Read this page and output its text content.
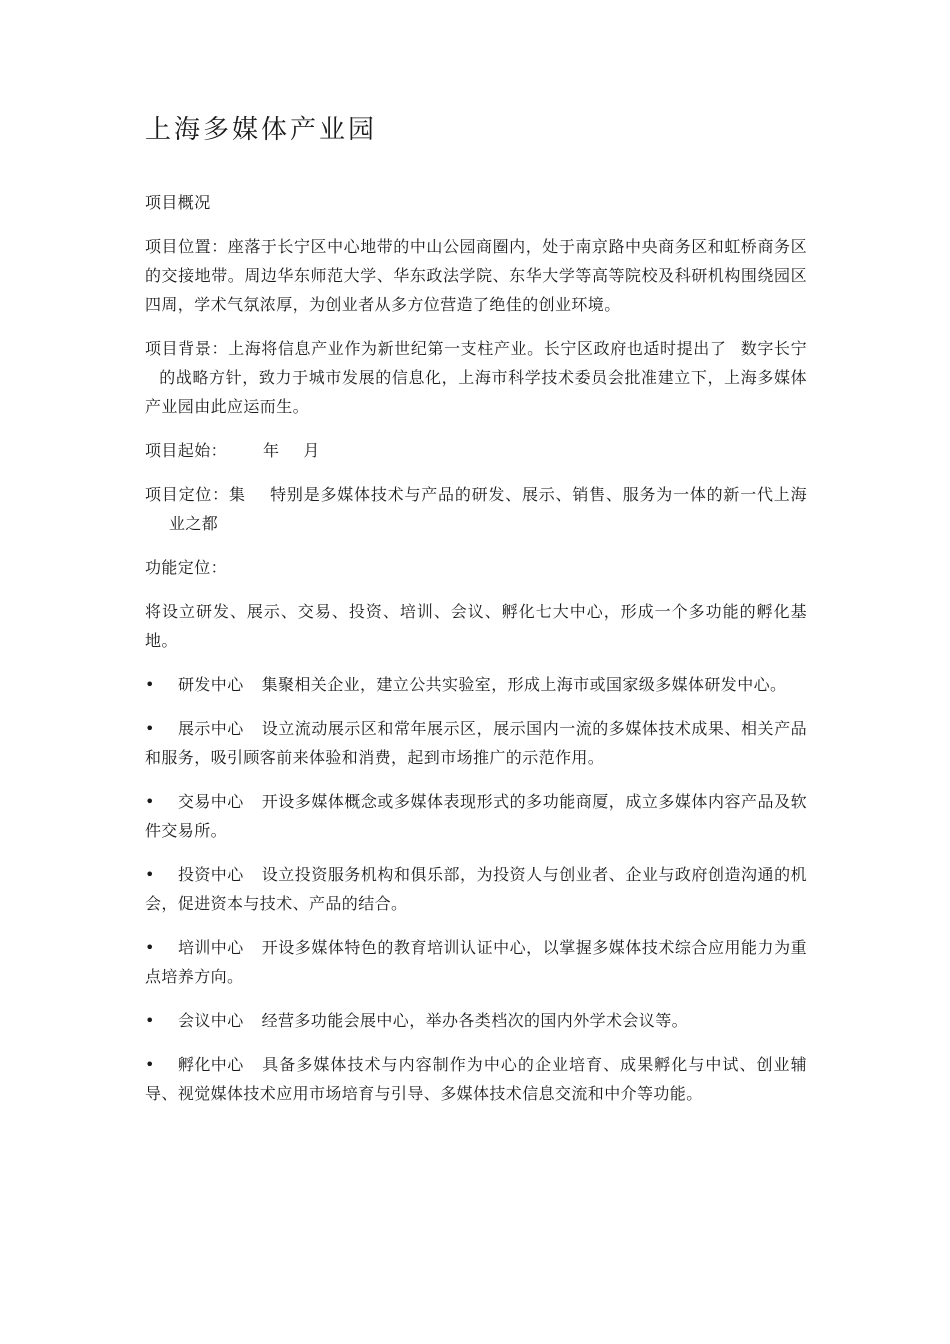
上海多媒体产业园

项目概况

项目位置：座落于长宁区中心地带的中山公园商圈内，处于南京路中央商务区和虹桥商务区的交接地带。周边华东师范大学、华东政法学院、东华大学等高等院校及科研机构围绕园区四周，学术气氛浓厚，为创业者从多方位营造了绝佳的创业环境。

项目背景：上海将信息产业作为新世纪第一支柱产业。长宁区政府也适时提出了 数字长宁的战略方针，致力于城市发展的信息化，上海市科学技术委员会批准建立下，上海多媒体产业园由此应运而生。

项目起始： 年 月

项目定位：集 特别是多媒体技术与产品的研发、展示、销售、服务为一体的新一代上海业之都

功能定位：

将设立研发、展示、交易、投资、培训、会议、孵化七大中心，形成一个多功能的孵化基地。

• 研发中心 集聚相关企业，建立公共实验室，形成上海市或国家级多媒体研发中心。

• 展示中心 设立流动展示区和常年展示区，展示国内一流的多媒体技术成果、相关产品和服务，吸引顾客前来体验和消费，起到市场推广的示范作用。

• 交易中心 开设多媒体概念或多媒体表现形式的多功能商厦，成立多媒体内容产品及软件交易所。

• 投资中心 设立投资服务机构和俱乐部，为投资人与创业者、企业与政府创造沟通的机会，促进资本与技术、产品的结合。

• 培训中心 开设多媒体特色的教育培训认证中心，以掌握多媒体技术综合应用能力为重点培养方向。

• 会议中心 经营多功能会展中心，举办各类档次的国内外学术会议等。

• 孵化中心 具备多媒体技术与内容制作为中心的企业培育、成果孵化与中试、创业辅导、视觉媒体技术应用市场培育与引导、多媒体技术信息交流和中介等功能。
